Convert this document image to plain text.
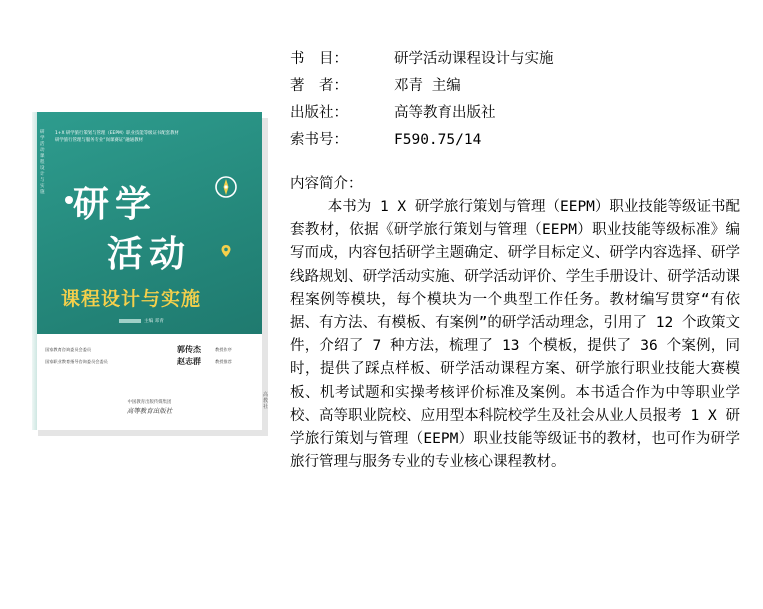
研学活动课程设计与实施
1+X 研学旅行策划与管理（EEPM）职业技能等级证书配套教材
研学旅行管理与服务专业“岗课赛证”融通教材
研学
活动
课程设计与实施
主编 邓青
国家教育咨询委员会委员	郭传杰	教授作序
国家职业教育指导咨询委员会委员	赵志群	教授推荐
中国教育出版传媒集团
高等教育出版社
高教社
书　目：	研学活动课程设计与实施
著　者：	邓青 主编
出版社：	高等教育出版社
索书号：	F590.75/14
内容简介：

本书为 1 X 研学旅行策划与管理（EEPM）职业技能等级证书配套教材，依据《研学旅行策划与管理（EEPM）职业技能等级标准》编写而成，内容包括研学主题确定、研学目标定义、研学内容选择、研学线路规划、研学活动实施、研学活动评价、学生手册设计、研学活动课程案例等模块，每个模块为一个典型工作任务。教材编写贯穿“有依据、有方法、有模板、有案例”的研学活动理念，引用了 12 个政策文件，介绍了 7 种方法，梳理了 13 个模板，提供了 36 个案例，同时，提供了踩点样板、研学活动课程方案、研学旅行职业技能大赛模板、机考试题和实操考核评价标准及案例。本书适合作为中等职业学校、高等职业院校、应用型本科院校学生及社会从业人员报考 1 X 研学旅行策划与管理（EEPM）职业技能等级证书的教材，也可作为研学旅行管理与服务专业的专业核心课程教材。
